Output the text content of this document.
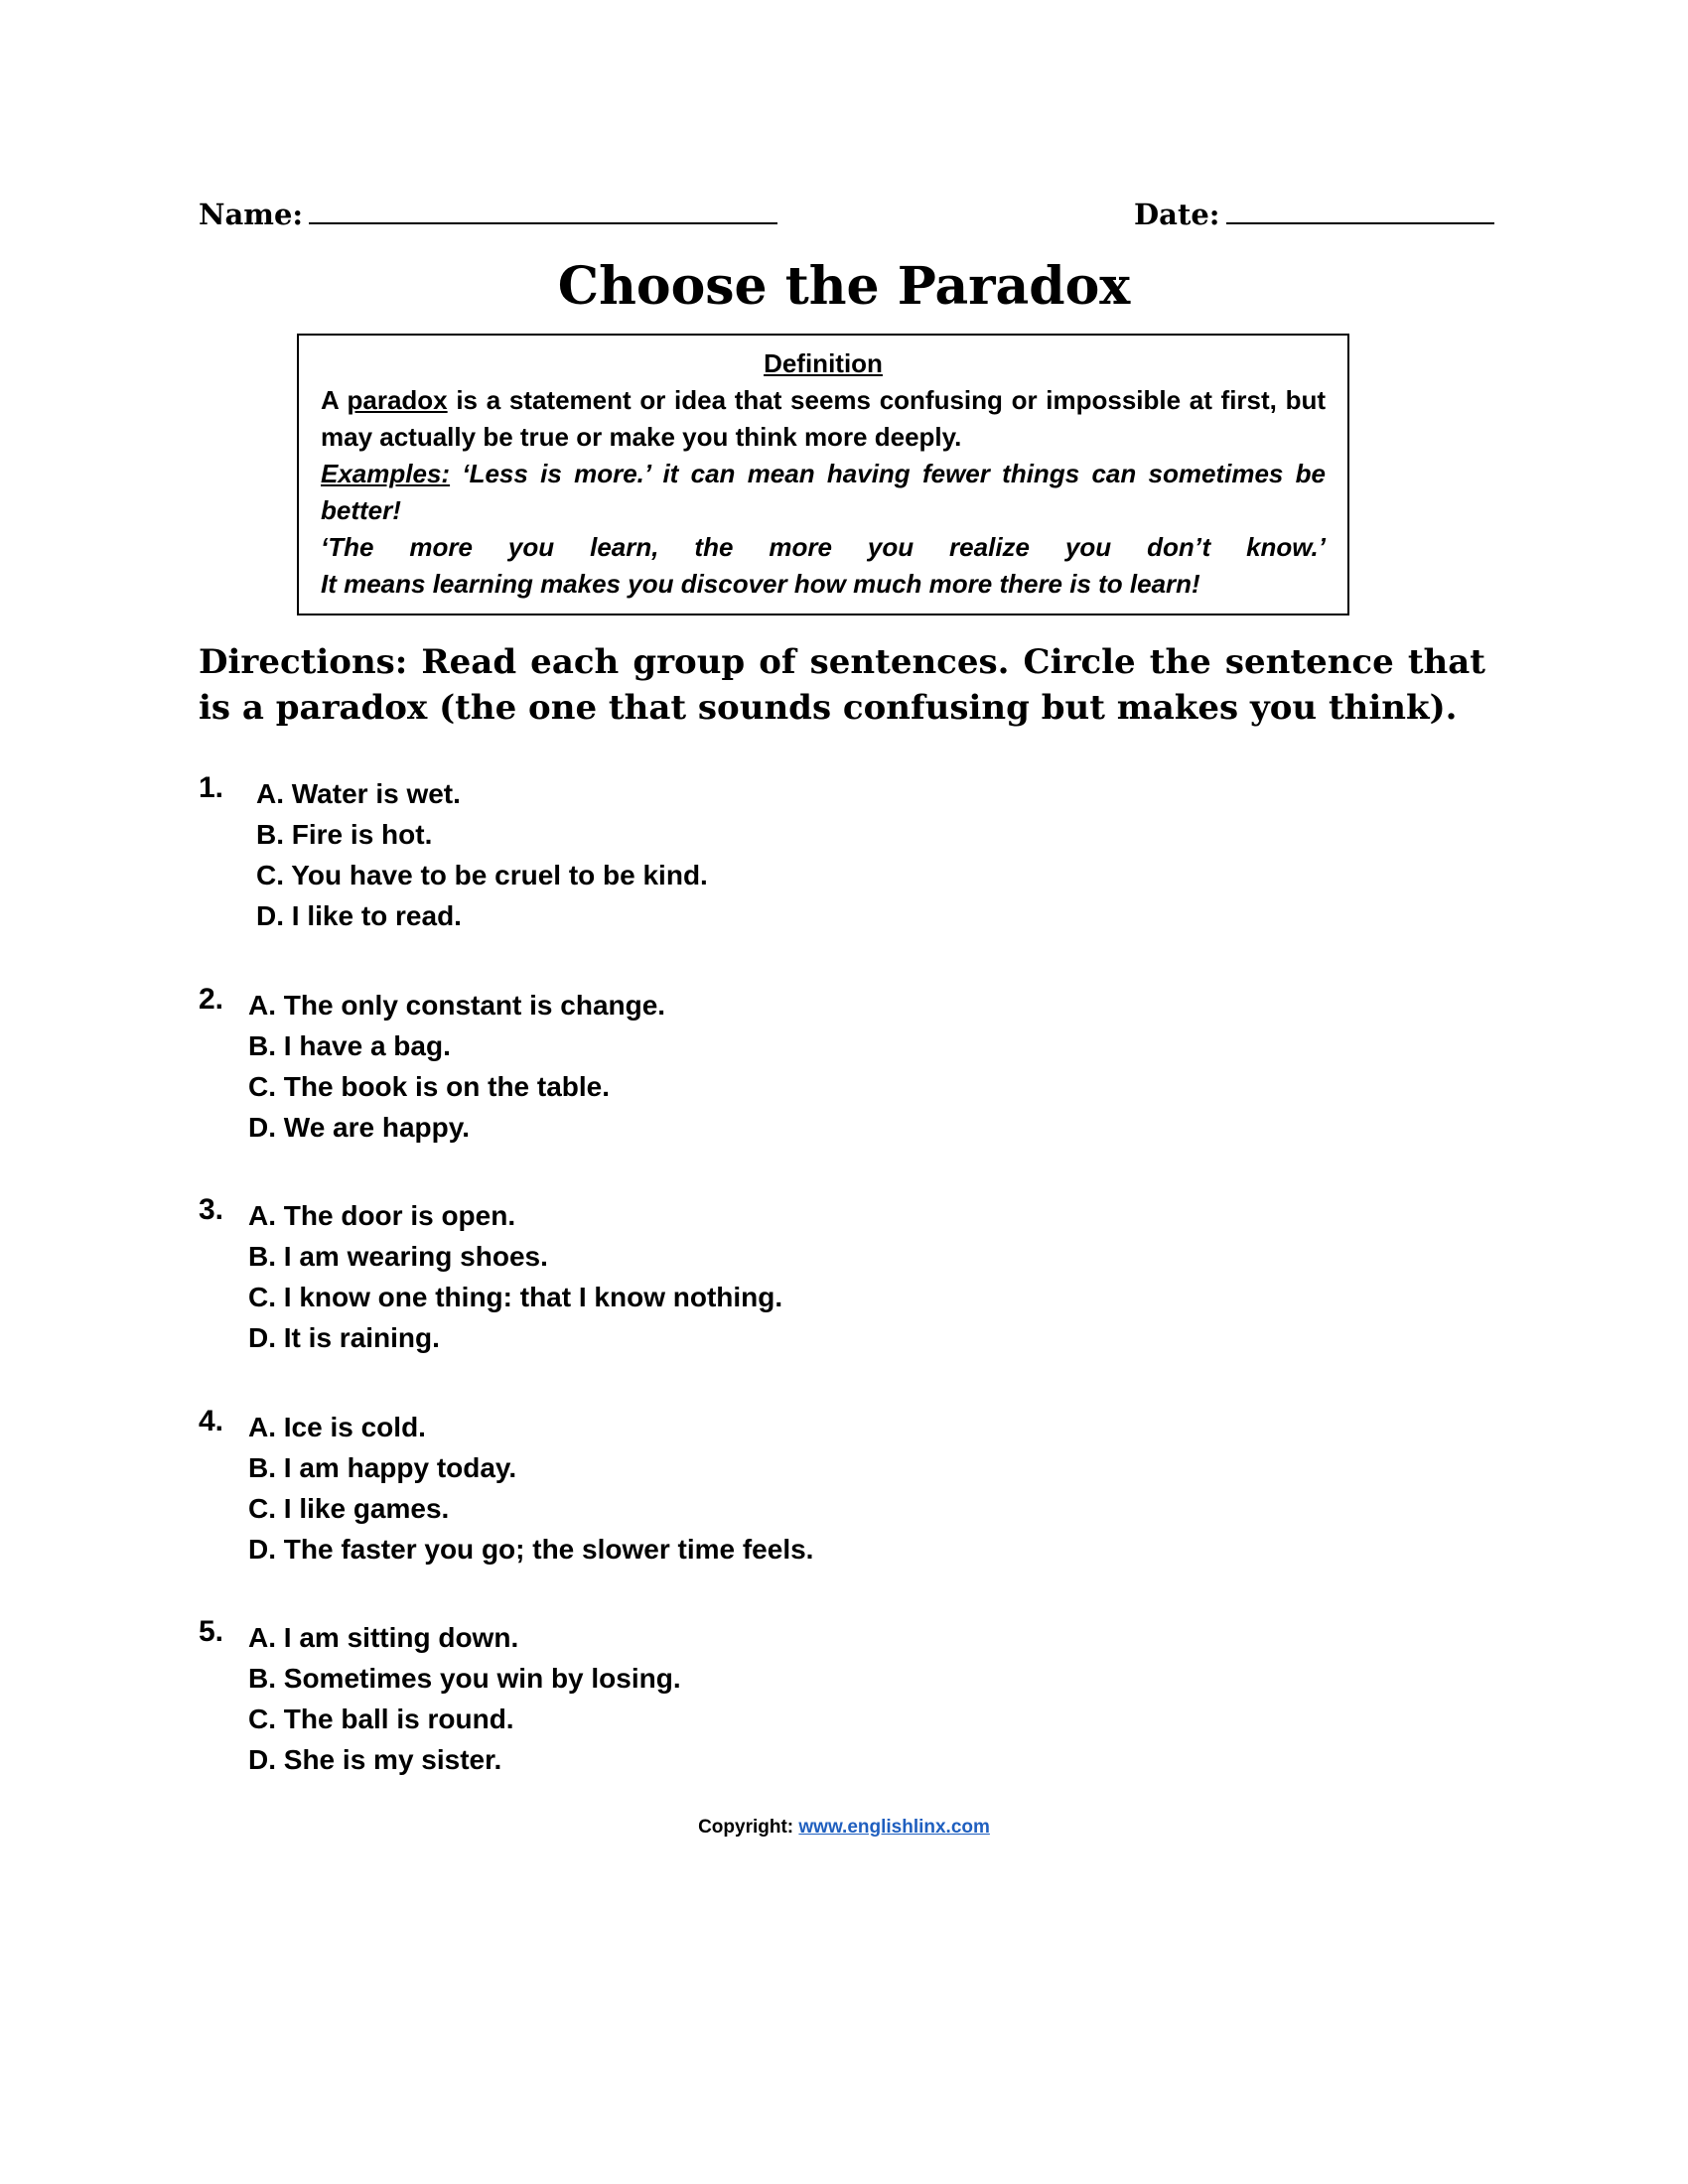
Name:	Date:
Choose the Paradox
Definition

A paradox is a statement or idea that seems confusing or impossible at first, but may actually be true or make you think more deeply.

Examples: ‘Less is more.’ it can mean having fewer things can sometimes be better!

‘The more you learn, the more you realize you don’t know.’

It means learning makes you discover how much more there is to learn!

Directions: Read each group of sentences. Circle the sentence that is a paradox (the one that sounds confusing but makes you think).

1. A. Water is wet.
B. Fire is hot.
C. You have to be cruel to be kind.
D. I like to read.
2. A. The only constant is change.
B. I have a bag.
C. The book is on the table.
D. We are happy.
3. A. The door is open.
B. I am wearing shoes.
C. I know one thing: that I know nothing.
D. It is raining.
4. A. Ice is cold.
B. I am happy today.
C. I like games.
D. The faster you go; the slower time feels.
5. A. I am sitting down.
B. Sometimes you win by losing.
C. The ball is round.
D. She is my sister.
Copyright: www.englishlinx.com
